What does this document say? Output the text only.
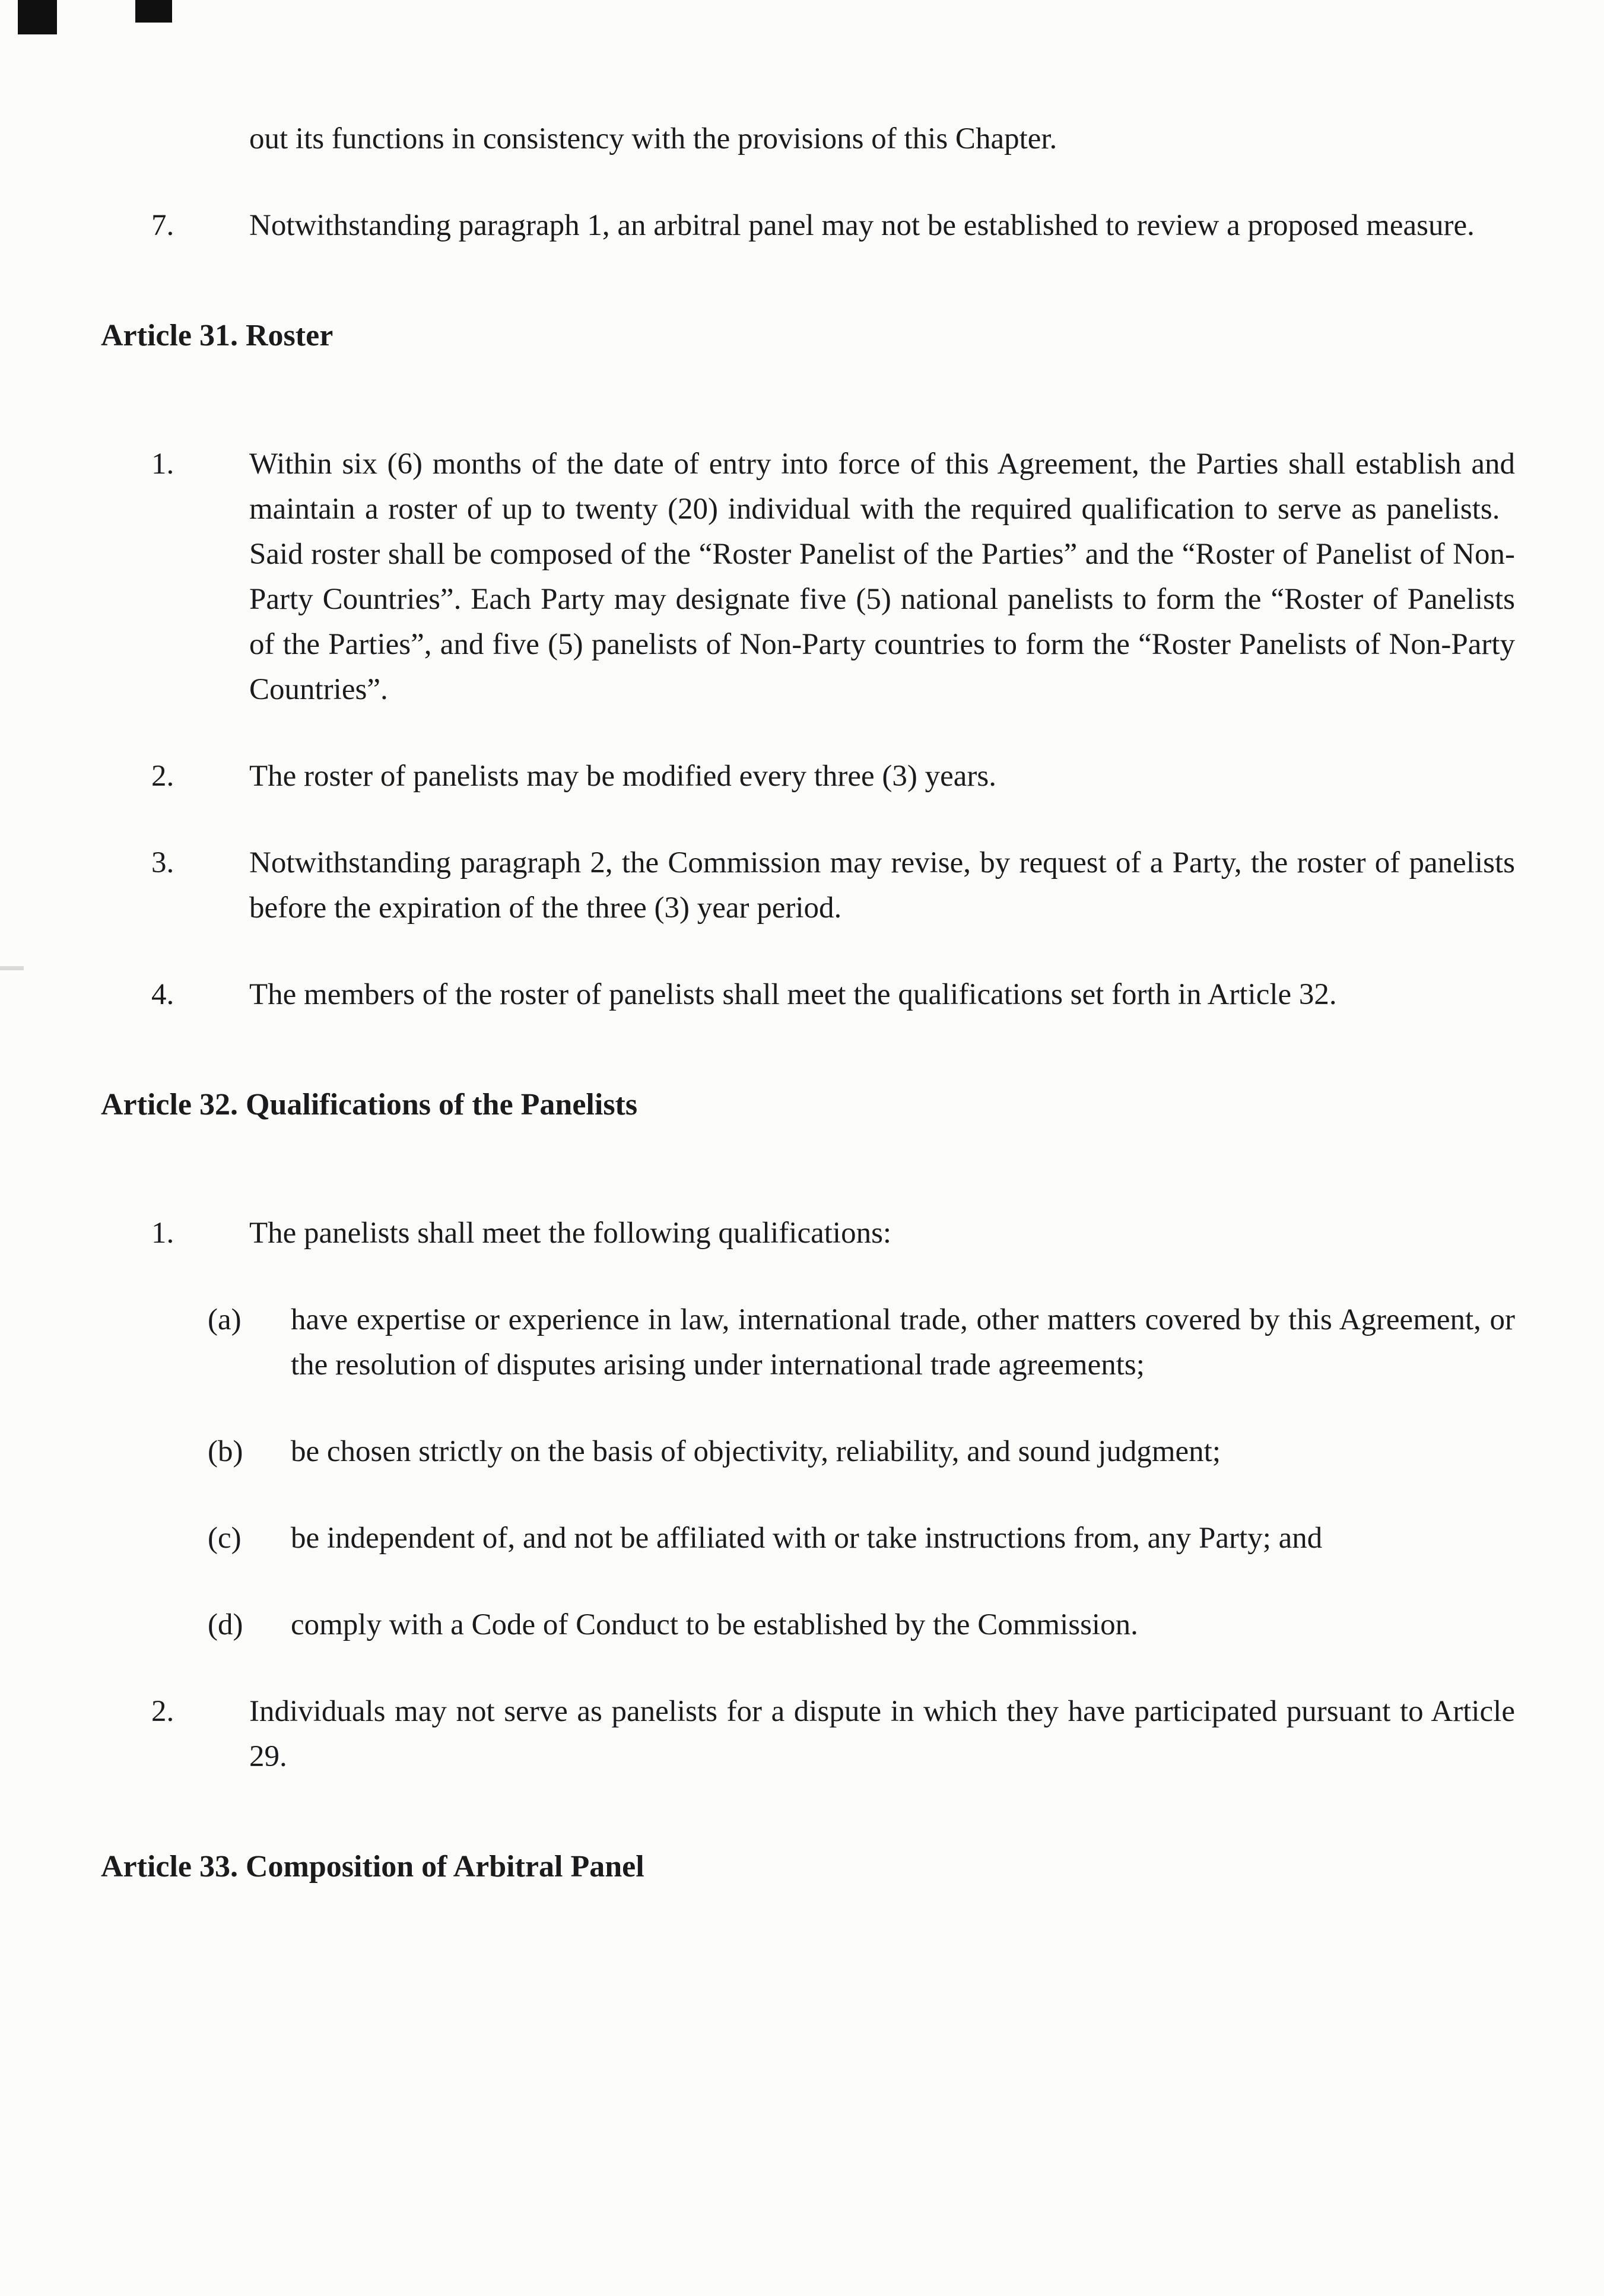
out its functions in consistency with the provisions of this Chapter.

7.	Notwithstanding paragraph 1, an arbitral panel may not be established to review a proposed measure.
Article 31. Roster
1.	Within six (6) months of the date of entry into force of this Agreement, the Parties shall establish and maintain a roster of up to twenty (20) individual with the required qualification to serve as panelists.  Said roster shall be composed of the “Roster Panelist of the Parties” and the “Roster of Panelist of Non-Party Countries”. Each Party may designate five (5) national panelists to form the “Roster of Panelists of the Parties”, and five (5) panelists of Non-Party countries to form the “Roster Panelists of Non-Party Countries”.
2.	The roster of panelists may be modified every three (3) years.
3.	Notwithstanding paragraph 2, the Commission may revise, by request of a Party, the roster of panelists before the expiration of the three (3) year period.
4.	The members of the roster of panelists shall meet the qualifications set forth in Article 32.
Article 32. Qualifications of the Panelists
1.	The panelists shall meet the following qualifications:
(a)	have expertise or experience in law, international trade, other matters covered by this Agreement, or the resolution of disputes arising under international trade agreements;
(b)	be chosen strictly on the basis of objectivity, reliability, and sound judgment;
(c)	be independent of, and not be affiliated with or take instructions from, any Party; and
(d)	comply with a Code of Conduct to be established by the Commission.
2.	Individuals may not serve as panelists for a dispute in which they have participated pursuant to Article 29.
Article 33. Composition of Arbitral Panel
